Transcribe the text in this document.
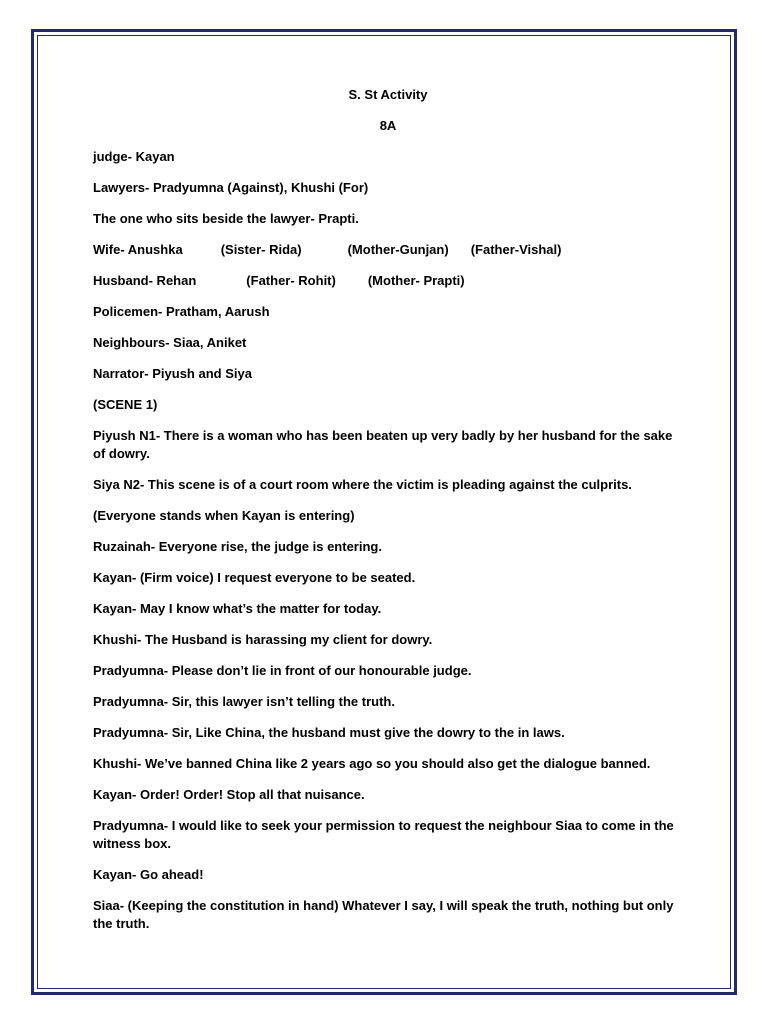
S. St Activity

8A

judge- Kayan

Lawyers- Pradyumna (Against), Khushi (For)

The one who sits beside the lawyer- Prapti.

Wife- Anushka	(Sister- Rida)	(Mother-Gunjan) (Father-Vishal)

Husband- Rehan	(Father- Rohit) (Mother- Prapti)

Policemen- Pratham, Aarush

Neighbours- Siaa, Aniket

Narrator- Piyush and Siya

(SCENE 1)

Piyush N1- There is a woman who has been beaten up very badly by her husband for the sake of dowry.

Siya N2- This scene is of a court room where the victim is pleading against the culprits.

(Everyone stands when Kayan is entering)

Ruzainah- Everyone rise, the judge is entering.

Kayan- (Firm voice) I request everyone to be seated.

Kayan- May I know what’s the matter for today.

Khushi- The Husband is harassing my client for dowry.

Pradyumna- Please don’t lie in front of our honourable judge.

Pradyumna- Sir, this lawyer isn’t telling the truth.

Pradyumna- Sir, Like China, the husband must give the dowry to the in laws.

Khushi- We’ve banned China like 2 years ago so you should also get the dialogue banned.

Kayan- Order! Order! Stop all that nuisance.

Pradyumna- I would like to seek your permission to request the neighbour Siaa to come in the witness box.

Kayan- Go ahead!

Siaa- (Keeping the constitution in hand) Whatever I say, I will speak the truth, nothing but only the truth.
